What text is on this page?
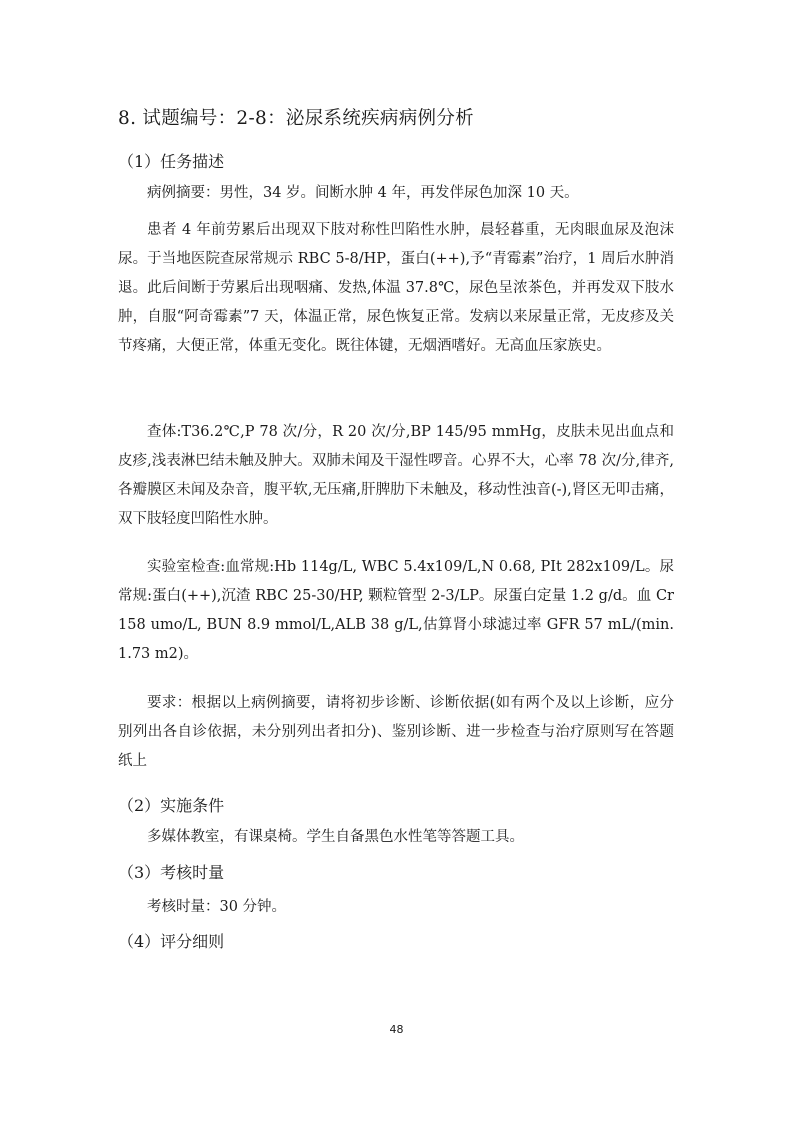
8. 试题编号：2-8：泌尿系统疾病病例分析
（1）任务描述
病例摘要：男性，34 岁。间断水肿 4 年，再发伴尿色加深 10 天。
患者 4 年前劳累后出现双下肢对称性凹陷性水肿，晨轻暮重，无肉眼血尿及泡沫尿。于当地医院查尿常规示 RBC 5-8/HP，蛋白(++),予“青霉素”治疗，1 周后水肿消退。此后间断于劳累后出现咽痛、发热,体温 37.8℃，尿色呈浓茶色，并再发双下肢水肿，自服“阿奇霉素”7 天，体温正常，尿色恢复正常。发病以来尿量正常，无皮疹及关节疼痛，大便正常，体重无变化。既往体键，无烟酒嗜好。无高血压家族史。
查体:T36.2℃,P 78 次/分，R 20 次/分,BP 145/95 mmHg，皮肤未见出血点和皮疹,浅表淋巴结未触及肿大。双肺未闻及干湿性啰音。心界不大，心率 78 次/分,律齐,各瓣膜区未闻及杂音，腹平软,无压痛,肝脾肋下未触及，移动性浊音(-),肾区无叩击痛，双下肢轻度凹陷性水肿。
实验室检查:血常规:Hb 114g/L, WBC 5.4x109/L,N 0.68, PIt 282x109/L。尿常规:蛋白(++),沉渣 RBC 25-30/HP, 颗粒管型 2-3/LP。尿蛋白定量 1.2 g/d。血 Cr 158 umo/L, BUN 8.9 mmol/L,ALB 38 g/L,估算肾小球滤过率 GFR 57 mL/(min. 1.73 m2)。
要求：根据以上病例摘要，请将初步诊断、诊断依据(如有两个及以上诊断，应分别列出各自诊依据，未分别列出者扣分)、鉴别诊断、进一步检查与治疗原则写在答题纸上
（2）实施条件
多媒体教室，有课桌椅。学生自备黑色水性笔等答题工具。
（3）考核时量
考核时量：30 分钟。
（4）评分细则
48
